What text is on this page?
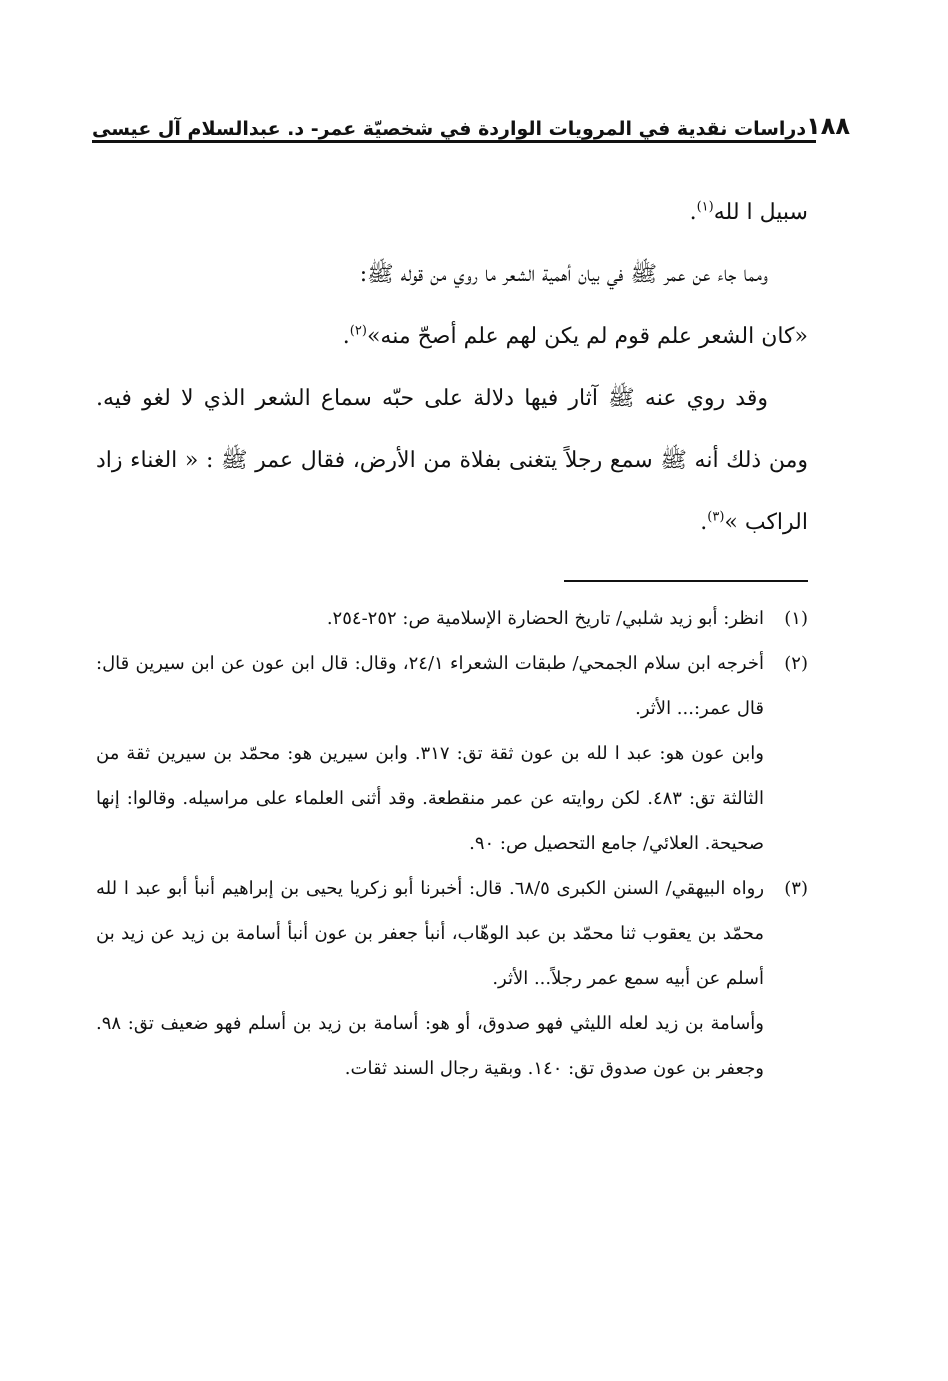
دراسات نقدية في المرويات الواردة في شخصيّة عمر- د. عبدالسلام آل عيسى ١٨٨

سبيل ا لله$^{(١)}$.

ومما جاء عن عمر ﷺ في بيان أهمية الشعر ما روي من قوله ﷺ:

«كان الشعر علم قوم لم يكن لهم علم أصحّ منه»$^{(٢)}$.

وقد روي عنه ﷺ آثار فيها دلالة على حبّه سماع الشعر الذي لا لغو فيه. ومن ذلك أنه ﷺ سمع رجلاً يتغنى بفلاة من الأرض، فقال عمر ﷺ : « الغناء زاد الراكب »$^{(٣)}$.

(١)
انظر: أبو زيد شلبي/ تاريخ الحضارة الإسلامية ص: ٢٥٢-٢٥٤.

(٢)
أخرجه ابن سلام الجمحي/ طبقات الشعراء ٢٤/١، وقال: قال ابن عون عن ابن سيرين قال: قال عمر:... الأثر.

وابن عون هو: عبد ا لله بن عون ثقة تق: ٣١٧. وابن سيرين هو: محمّد بن سيرين ثقة من الثالثة تق: ٤٨٣. لكن روايته عن عمر منقطعة. وقد أثنى العلماء على مراسيله. وقالوا: إنها صحيحة. العلائي/ جامع التحصيل ص: ٩٠.

(٣)
رواه البيهقي/ السنن الكبرى ٦٨/٥. قال: أخبرنا أبو زكريا يحيى بن إبراهيم أنبأ أبو عبد ا لله محمّد بن يعقوب ثنا محمّد بن عبد الوهّاب، أنبأ جعفر بن عون أنبأ أسامة بن زيد عن زيد بن أسلم عن أبيه سمع عمر رجلاً... الأثر.

وأسامة بن زيد لعله الليثي فهو صدوق، أو هو: أسامة بن زيد بن أسلم فهو ضعيف تق: ٩٨. وجعفر بن عون صدوق تق: ١٤٠. وبقية رجال السند ثقات.
